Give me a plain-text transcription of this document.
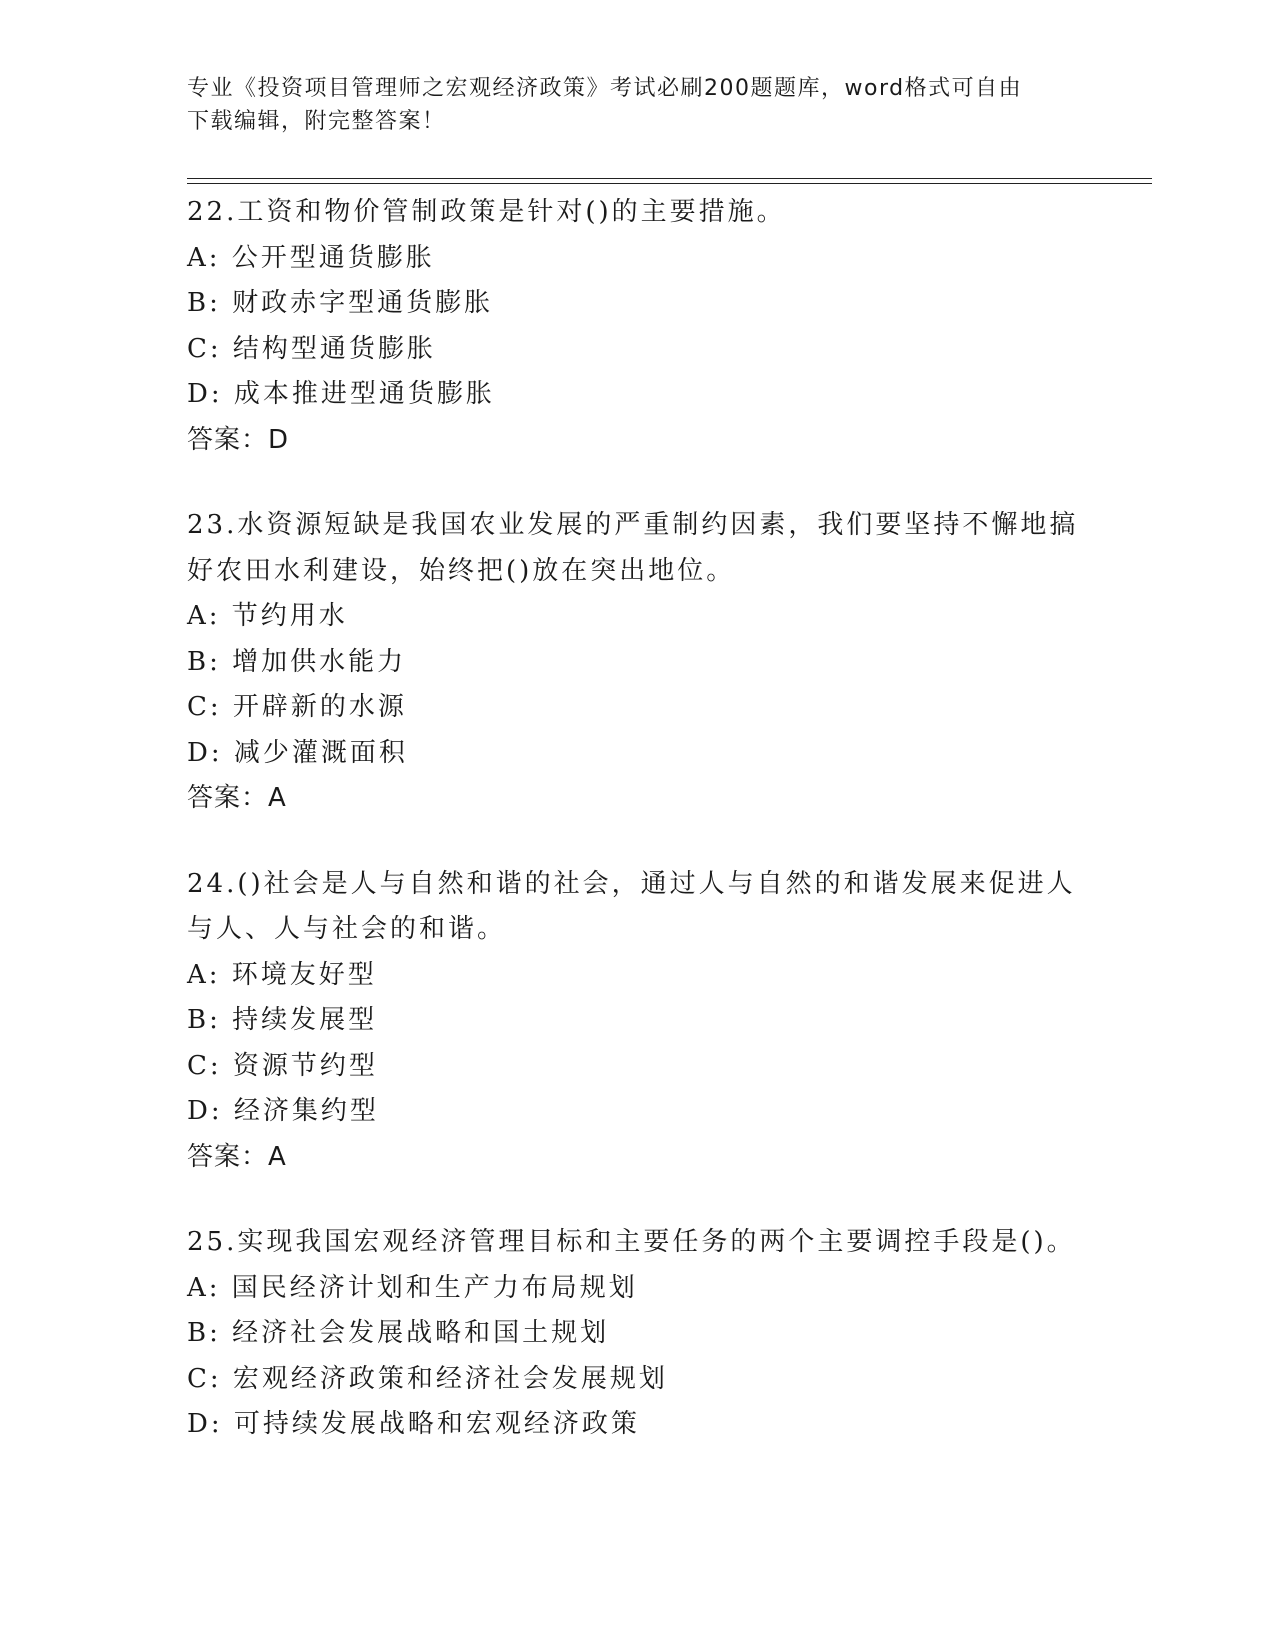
专业《投资项目管理师之宏观经济政策》考试必刷200题题库，word格式可自由
下载编辑，附完整答案！
22.工资和物价管制政策是针对()的主要措施。
A: 公开型通货膨胀
B: 财政赤字型通货膨胀
C: 结构型通货膨胀
D: 成本推进型通货膨胀
答案：D
23.水资源短缺是我国农业发展的严重制约因素，我们要坚持不懈地搞
好农田水利建设，始终把()放在突出地位。
A: 节约用水
B: 增加供水能力
C: 开辟新的水源
D: 减少灌溉面积
答案：A
24.()社会是人与自然和谐的社会，通过人与自然的和谐发展来促进人
与人、人与社会的和谐。
A: 环境友好型
B: 持续发展型
C: 资源节约型
D: 经济集约型
答案：A
25.实现我国宏观经济管理目标和主要任务的两个主要调控手段是()。
A: 国民经济计划和生产力布局规划
B: 经济社会发展战略和国土规划
C: 宏观经济政策和经济社会发展规划
D: 可持续发展战略和宏观经济政策
